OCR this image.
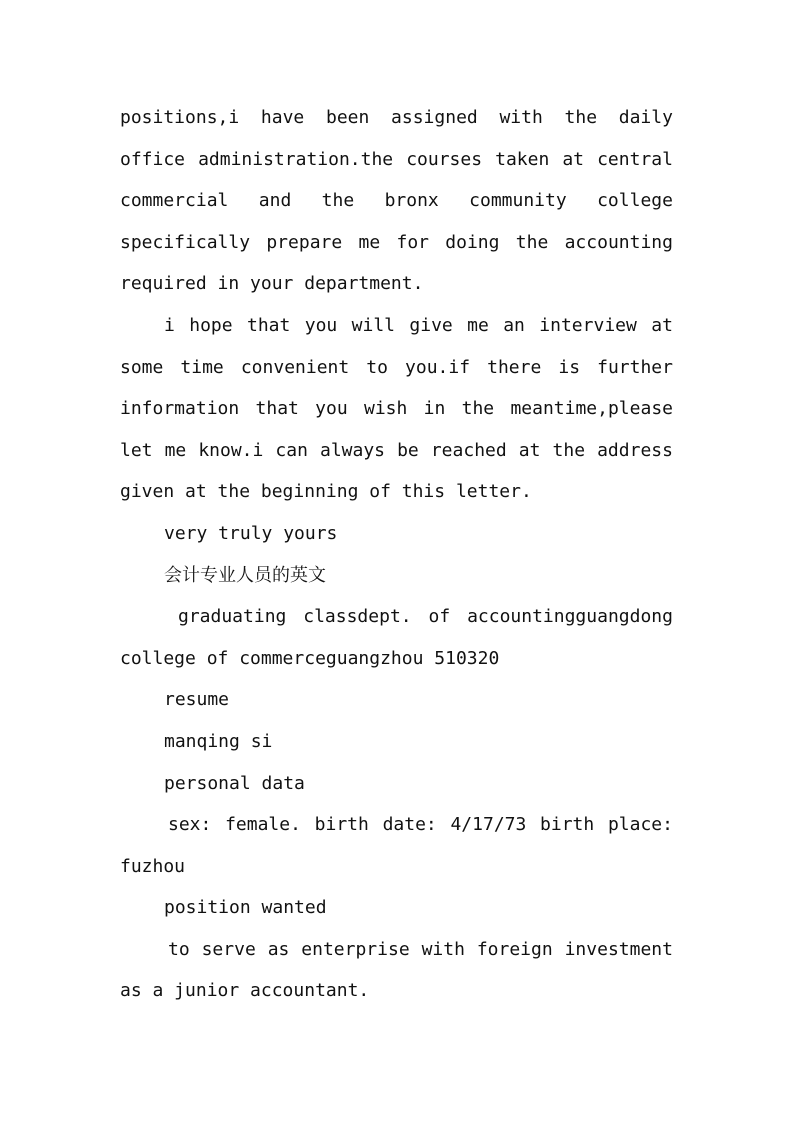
positions,i have been assigned with the daily
office administration.the courses taken at central
commercial and the bronx community college
specifically prepare me for doing the accounting
required in your department.
i hope that you will give me an interview at
some time convenient to you.if there is further
information that you wish in the meantime,please
let me know.i can always be reached at the address
given at the beginning of this letter.
very truly yours
会计专业人员的英文
graduating classdept. of accountingguangdong
college of commerceguangzhou 510320
resume
manqing si
personal data
sex: female. birth date: 4/17/73 birth place:
fuzhou
position wanted
to serve as enterprise with foreign investment
as a junior accountant.
